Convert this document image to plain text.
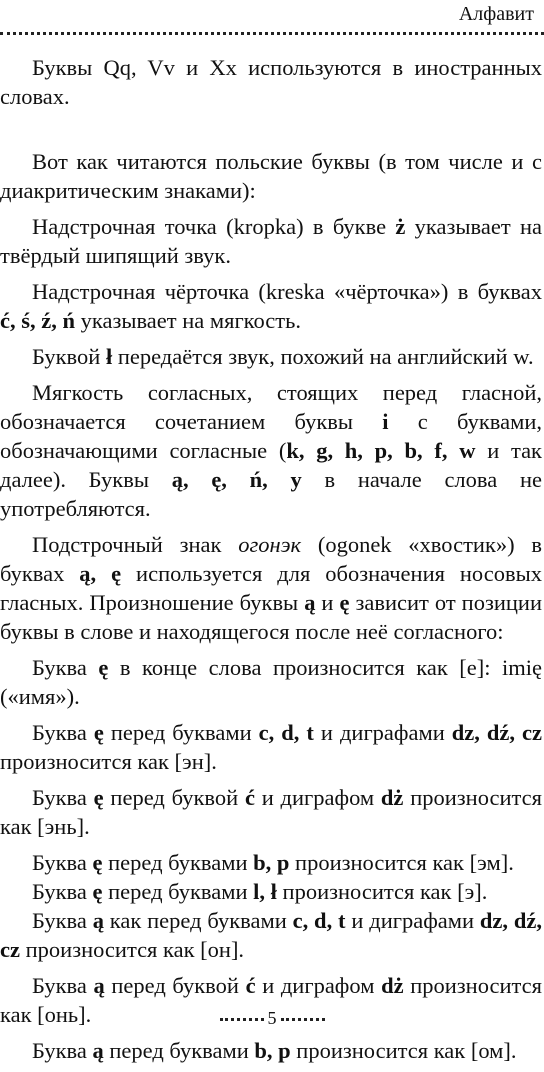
Алфавит

Буквы Qq, Vv и Xx используются в иностранных словах.

Вот как читаются польские буквы (в том числе и с диакритическим знаками):

Надстрочная точка (kropka) в букве ż указывает на твёрдый шипящий звук.

Надстрочная чёрточка (kreska «чёрточка») в буквах ć, ś, ź, ń указывает на мягкость.

Буквой ł передаётся звук, похожий на английский w.

Мягкость согласных, стоящих перед гласной, обозначается сочетанием буквы i с буквами, обозначающими согласные (k, g, h, p, b, f, w и так далее). Буквы ą, ę, ń, y в начале слова не употребляются.

Подстрочный знак огонэк (ogonek «хвостик») в буквах ą, ę используется для обозначения носовых гласных. Произношение буквы ą и ę зависит от позиции буквы в слове и находящегося после неё согласного:

Буква ę в конце слова произносится как [е]: imię («имя»).

Буква ę перед буквами c, d, t и диграфами dz, dź, cz произносится как [эн].

Буква ę перед буквой ć и диграфом dż произносится как [энь].

Буква ę перед буквами b, p произносится как [эм].

Буква ę перед буквами l, ł произносится как [э].

Буква ą как перед буквами c, d, t и диграфами dz, dź, cz произносится как [он].

Буква ą перед буквой ć и диграфом dż произносится как [онь].

Буква ą перед буквами b, p произносится как [ом].

5
